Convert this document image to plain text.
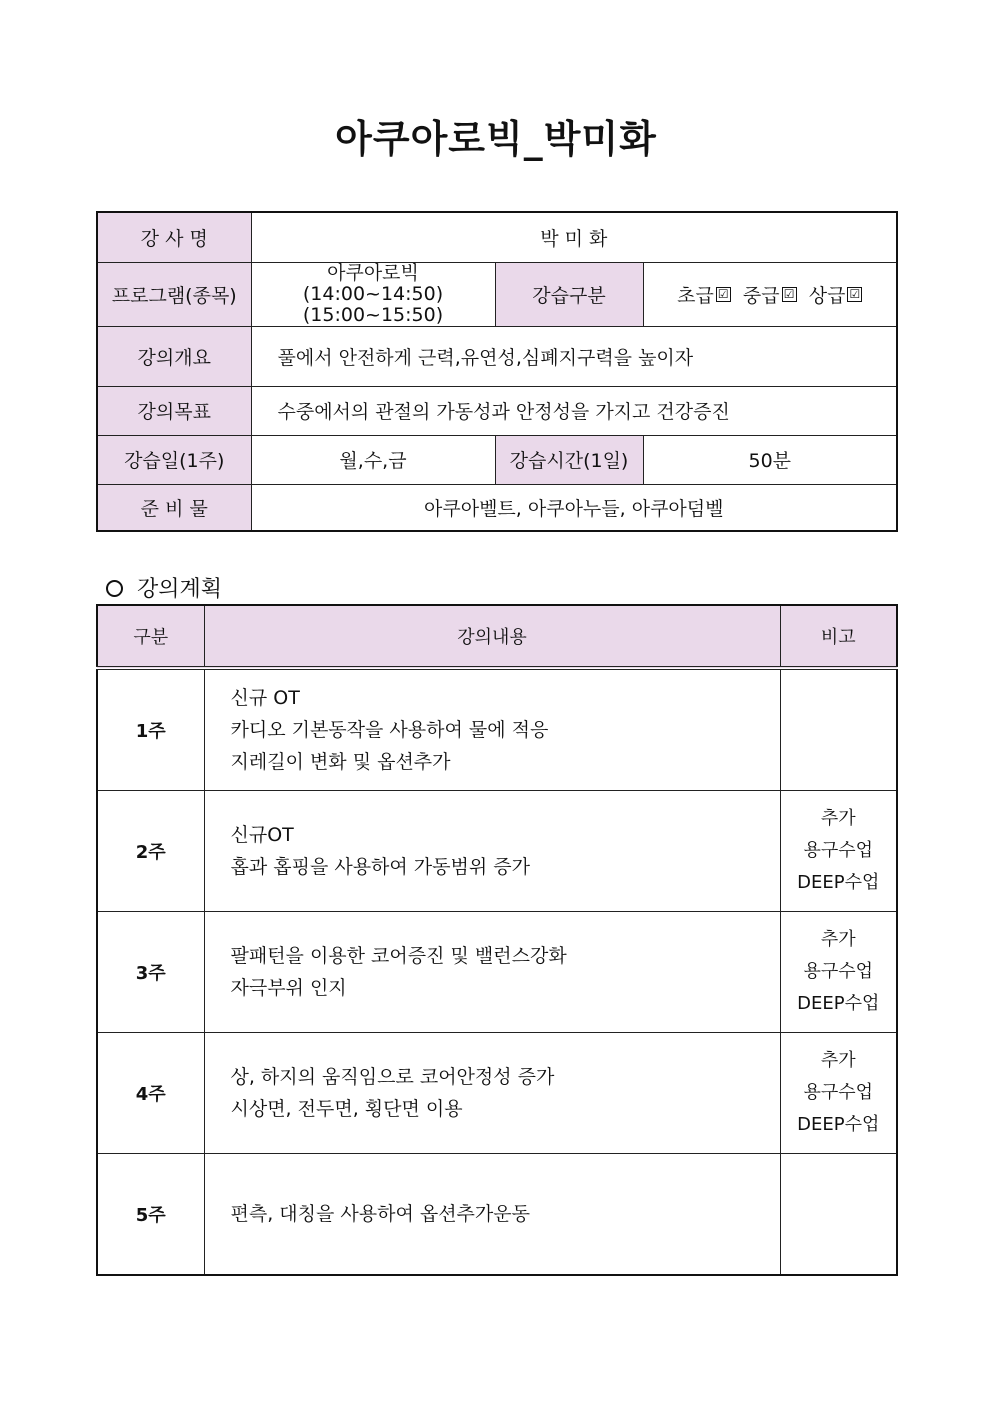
아쿠아로빅_박미화
강 사 명	박 미 화		
프로그램(종목)	아쿠아로빅
(14:00~14:50)
(15:00~15:50)	강습구분	초급 ☑ 중급 ☑ 상급 ☑
강의개요	풀에서 안전하게 근력,유연성,심폐지구력을 높이자		
강의목표	수중에서의 관절의 가동성과 안정성을 가지고 건강증진		
강습일(1주)	월,수,금	강습시간(1일)	50분
준 비 물	아쿠아벨트, 아쿠아누들, 아쿠아덤벨		
강의계획
구분	강의내용	비고
1주	신규 OT
카디오 기본동작을 사용하여 물에 적응
지레길이 변화 및 옵션추가	

2주	신규OT
홉과 홉핑을 사용하여 가동범위 증가	추가
용구수업
DEEP수업

3주	팔패턴을 이용한 코어증진 및 밸런스강화
자극부위 인지	추가
용구수업
DEEP수업

4주	상, 하지의 움직임으로 코어안정성 증가
시상면, 전두면, 횡단면 이용	추가
용구수업
DEEP수업

5주	편측, 대칭을 사용하여 옵션추가운동	
